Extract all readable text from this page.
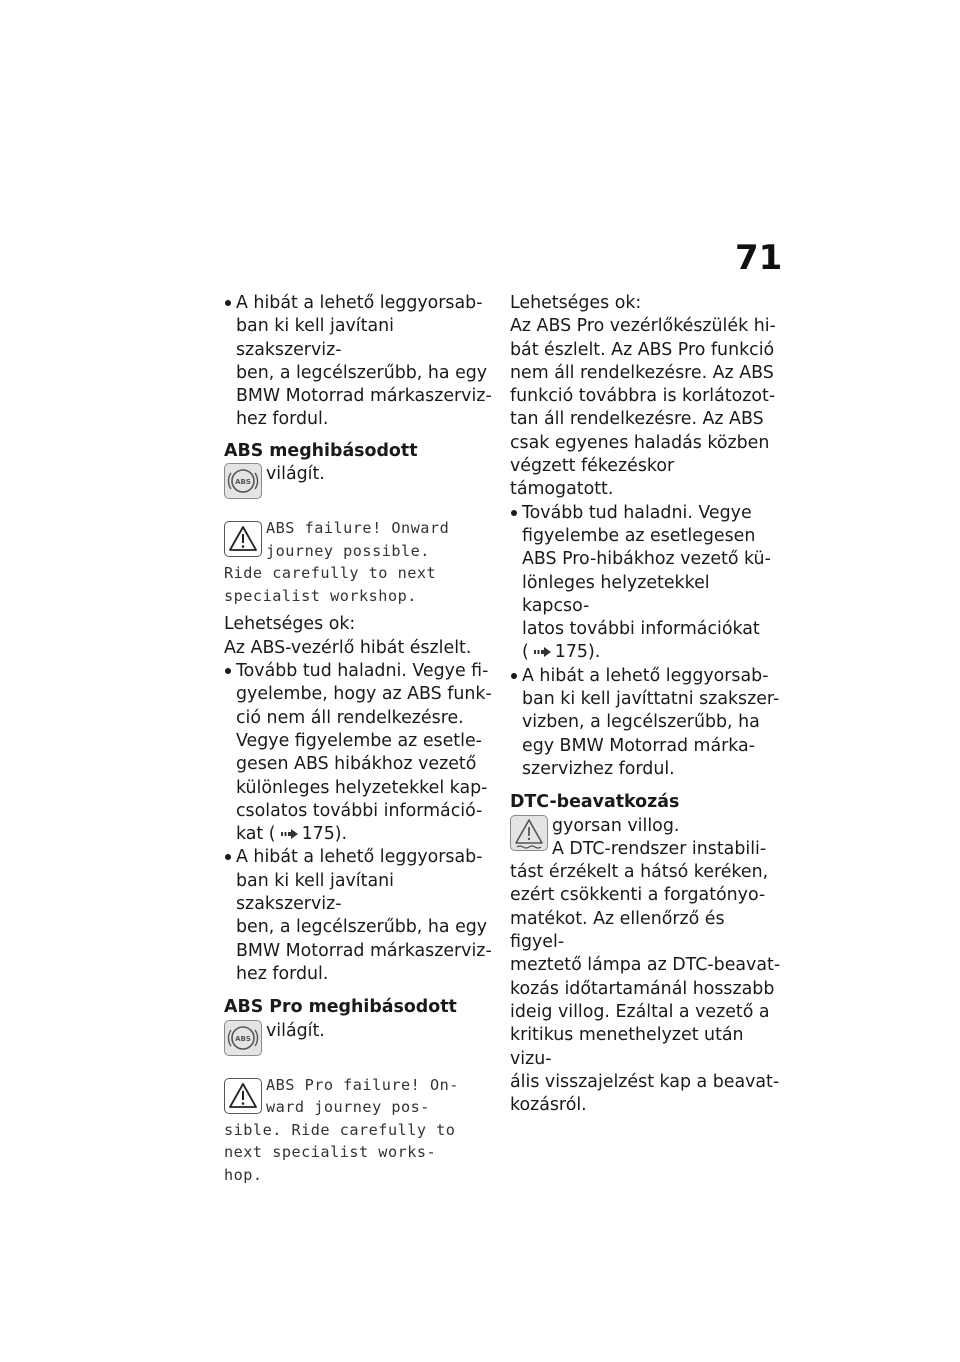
71
A hibát a lehető leggyorsab-
ban ki kell javítani szakszerviz-
ben, a legcélszerűbb, ha egy
BMW Motorrad márkaszerviz-
hez fordul.
ABS meghibásodott
ABS világít.
ABS failure! Onward
journey possible.
Ride carefully to next
specialist workshop.
Lehetséges ok:
Az ABS-vezérlő hibát észlelt.
Tovább tud haladni. Vegye fi-
gyelembe, hogy az ABS funk-
ció nem áll rendelkezésre.
Vegye figyelembe az esetle-
gesen ABS hibákhoz vezető
különleges helyzetekkel kap-
csolatos további információ-
kat ( 175).
A hibát a lehető leggyorsab-
ban ki kell javítani szakszerviz-
ben, a legcélszerűbb, ha egy
BMW Motorrad márkaszerviz-
hez fordul.
ABS Pro meghibásodott
ABS világít.
ABS Pro failure! On-
ward journey pos-
sible. Ride carefully to
next specialist works-
hop.
Lehetséges ok:
Az ABS Pro vezérlőkészülék hi-
bát észlelt. Az ABS Pro funkció
nem áll rendelkezésre. Az ABS
funkció továbbra is korlátozot-
tan áll rendelkezésre. Az ABS
csak egyenes haladás közben
végzett fékezéskor támogatott.
Tovább tud haladni. Vegye
figyelembe az esetlegesen
ABS Pro-hibákhoz vezető kü-
lönleges helyzetekkel kapcso-
latos további információkat
( 175).
A hibát a lehető leggyorsab-
ban ki kell javíttatni szakszer-
vizben, a legcélszerűbb, ha
egy BMW Motorrad márka-
szervizhez fordul.
DTC-beavatkozás
gyorsan villog.
A DTC-rendszer instabili-
tást érzékelt a hátsó keréken,
ezért csökkenti a forgatónyo-
matékot. Az ellenőrző és figyel-
meztető lámpa az DTC-beavat-
kozás időtartamánál hosszabb
ideig villog. Ezáltal a vezető a
kritikus menethelyzet után vizu-
ális visszajelzést kap a beavat-
kozásról.
